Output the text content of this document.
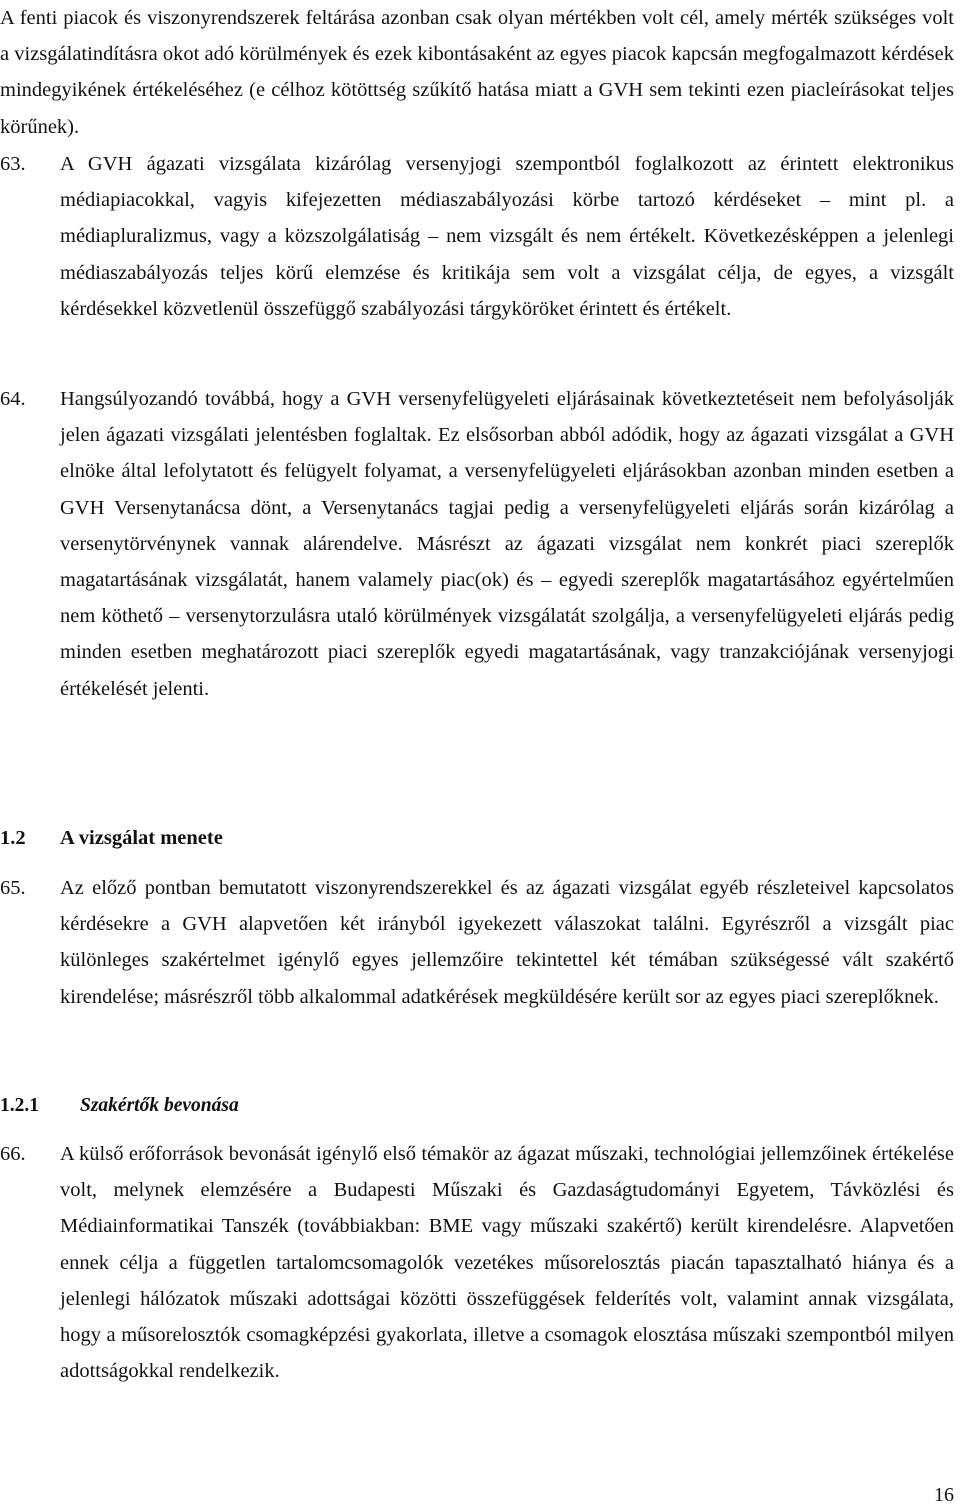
A fenti piacok és viszonyrendszerek feltárása azonban csak olyan mértékben volt cél, amely mérték szükséges volt a vizsgálatindításra okot adó körülmények és ezek kibontásaként az egyes piacok kapcsán megfogalmazott kérdések mindegyikének értékeléséhez (e célhoz kötöttség szűkítő hatása miatt a GVH sem tekinti ezen piacleírásokat teljes körűnek).

63.	A GVH ágazati vizsgálata kizárólag versenyjogi szempontból foglalkozott az érintett elektronikus médiapiacokkal, vagyis kifejezetten médiaszabályozási körbe tartozó kérdéseket – mint pl. a médiapluralizmus, vagy a közszolgálatiság – nem vizsgált és nem értékelt. Következésképpen a jelenlegi médiaszabályozás teljes körű elemzése és kritikája sem volt a vizsgálat célja, de egyes, a vizsgált kérdésekkel közvetlenül összefüggő szabályozási tárgyköröket érintett és értékelt.
64.	Hangsúlyozandó továbbá, hogy a GVH versenyfelügyeleti eljárásainak következtetéseit nem befolyásolják jelen ágazati vizsgálati jelentésben foglaltak. Ez elsősorban abból adódik, hogy az ágazati vizsgálat a GVH elnöke által lefolytatott és felügyelt folyamat, a versenyfelügyeleti eljárásokban azonban minden esetben a GVH Versenytanácsa dönt, a Versenytanács tagjai pedig a versenyfelügyeleti eljárás során kizárólag a versenytörvénynek vannak alárendelve. Másrészt az ágazati vizsgálat nem konkrét piaci szereplők magatartásának vizsgálatát, hanem valamely piac(ok) és – egyedi szereplők magatartásához egyértelműen nem köthető – versenytorzulásra utaló körülmények vizsgálatát szolgálja, a versenyfelügyeleti eljárás pedig minden esetben meghatározott piaci szereplők egyedi magatartásának, vagy tranzakciójának versenyjogi értékelését jelenti.
1.2 A vizsgálat menete
65.	Az előző pontban bemutatott viszonyrendszerekkel és az ágazati vizsgálat egyéb részleteivel kapcsolatos kérdésekre a GVH alapvetően két irányból igyekezett válaszokat találni. Egyrészről a vizsgált piac különleges szakértelmet igénylő egyes jellemzőire tekintettel két témában szükségessé vált szakértő kirendelése; másrészről több alkalommal adatkérések megküldésére került sor az egyes piaci szereplőknek.
1.2.1 Szakértők bevonása
66.	A külső erőforrások bevonását igénylő első témakör az ágazat műszaki, technológiai jellemzőinek értékelése volt, melynek elemzésére a Budapesti Műszaki és Gazdaságtudományi Egyetem, Távközlési és Médiainformatikai Tanszék (továbbiakban: BME vagy műszaki szakértő) került kirendelésre. Alapvetően ennek célja a független tartalomcsomagolók vezetékes műsorelosztás piacán tapasztalható hiánya és a jelenlegi hálózatok műszaki adottságai közötti összefüggések felderítés volt, valamint annak vizsgálata, hogy a műsorelosztók csomagképzési gyakorlata, illetve a csomagok elosztása műszaki szempontból milyen adottságokkal rendelkezik.
16
